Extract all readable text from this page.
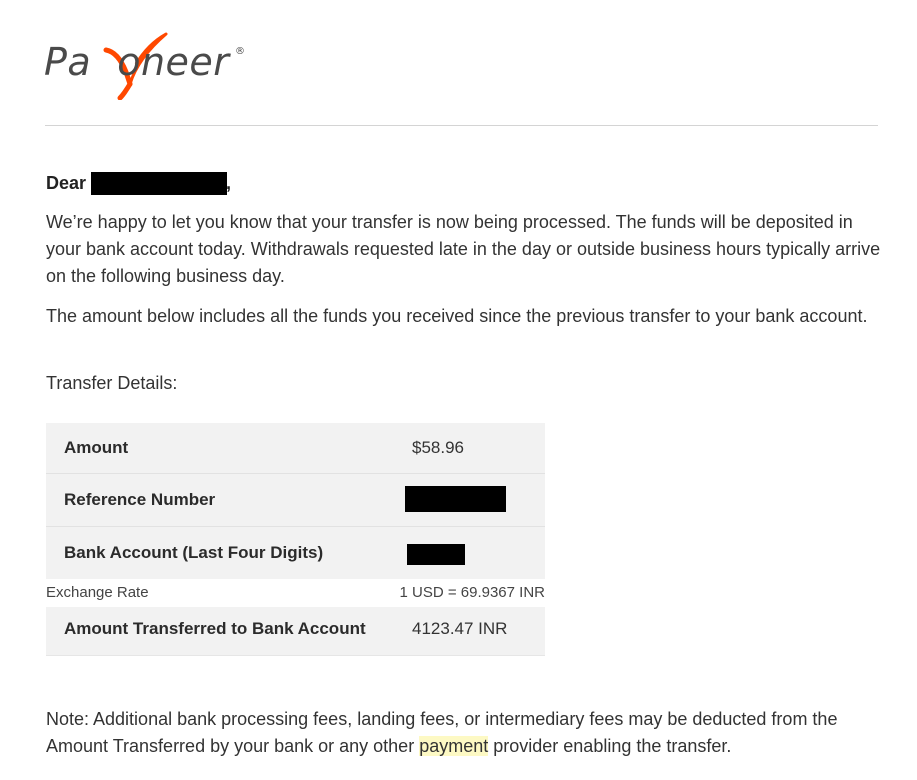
Pa oneer ®
Dear	,
We’re happy to let you know that your transfer is now being processed. The funds will be deposited in your bank account today. Withdrawals requested late in the day or outside business hours typically arrive on the following business day.
The amount below includes all the funds you received since the previous transfer to your bank account.
Transfer Details:
Amount	$58.96
Reference Number
Bank Account (Last Four Digits)
Exchange Rate	1 USD = 69.9367 INR
Amount Transferred to Bank Account	4123.47 INR
Note: Additional bank processing fees, landing fees, or intermediary fees may be deducted from the Amount Transferred by your bank or any other payment provider enabling the transfer.
